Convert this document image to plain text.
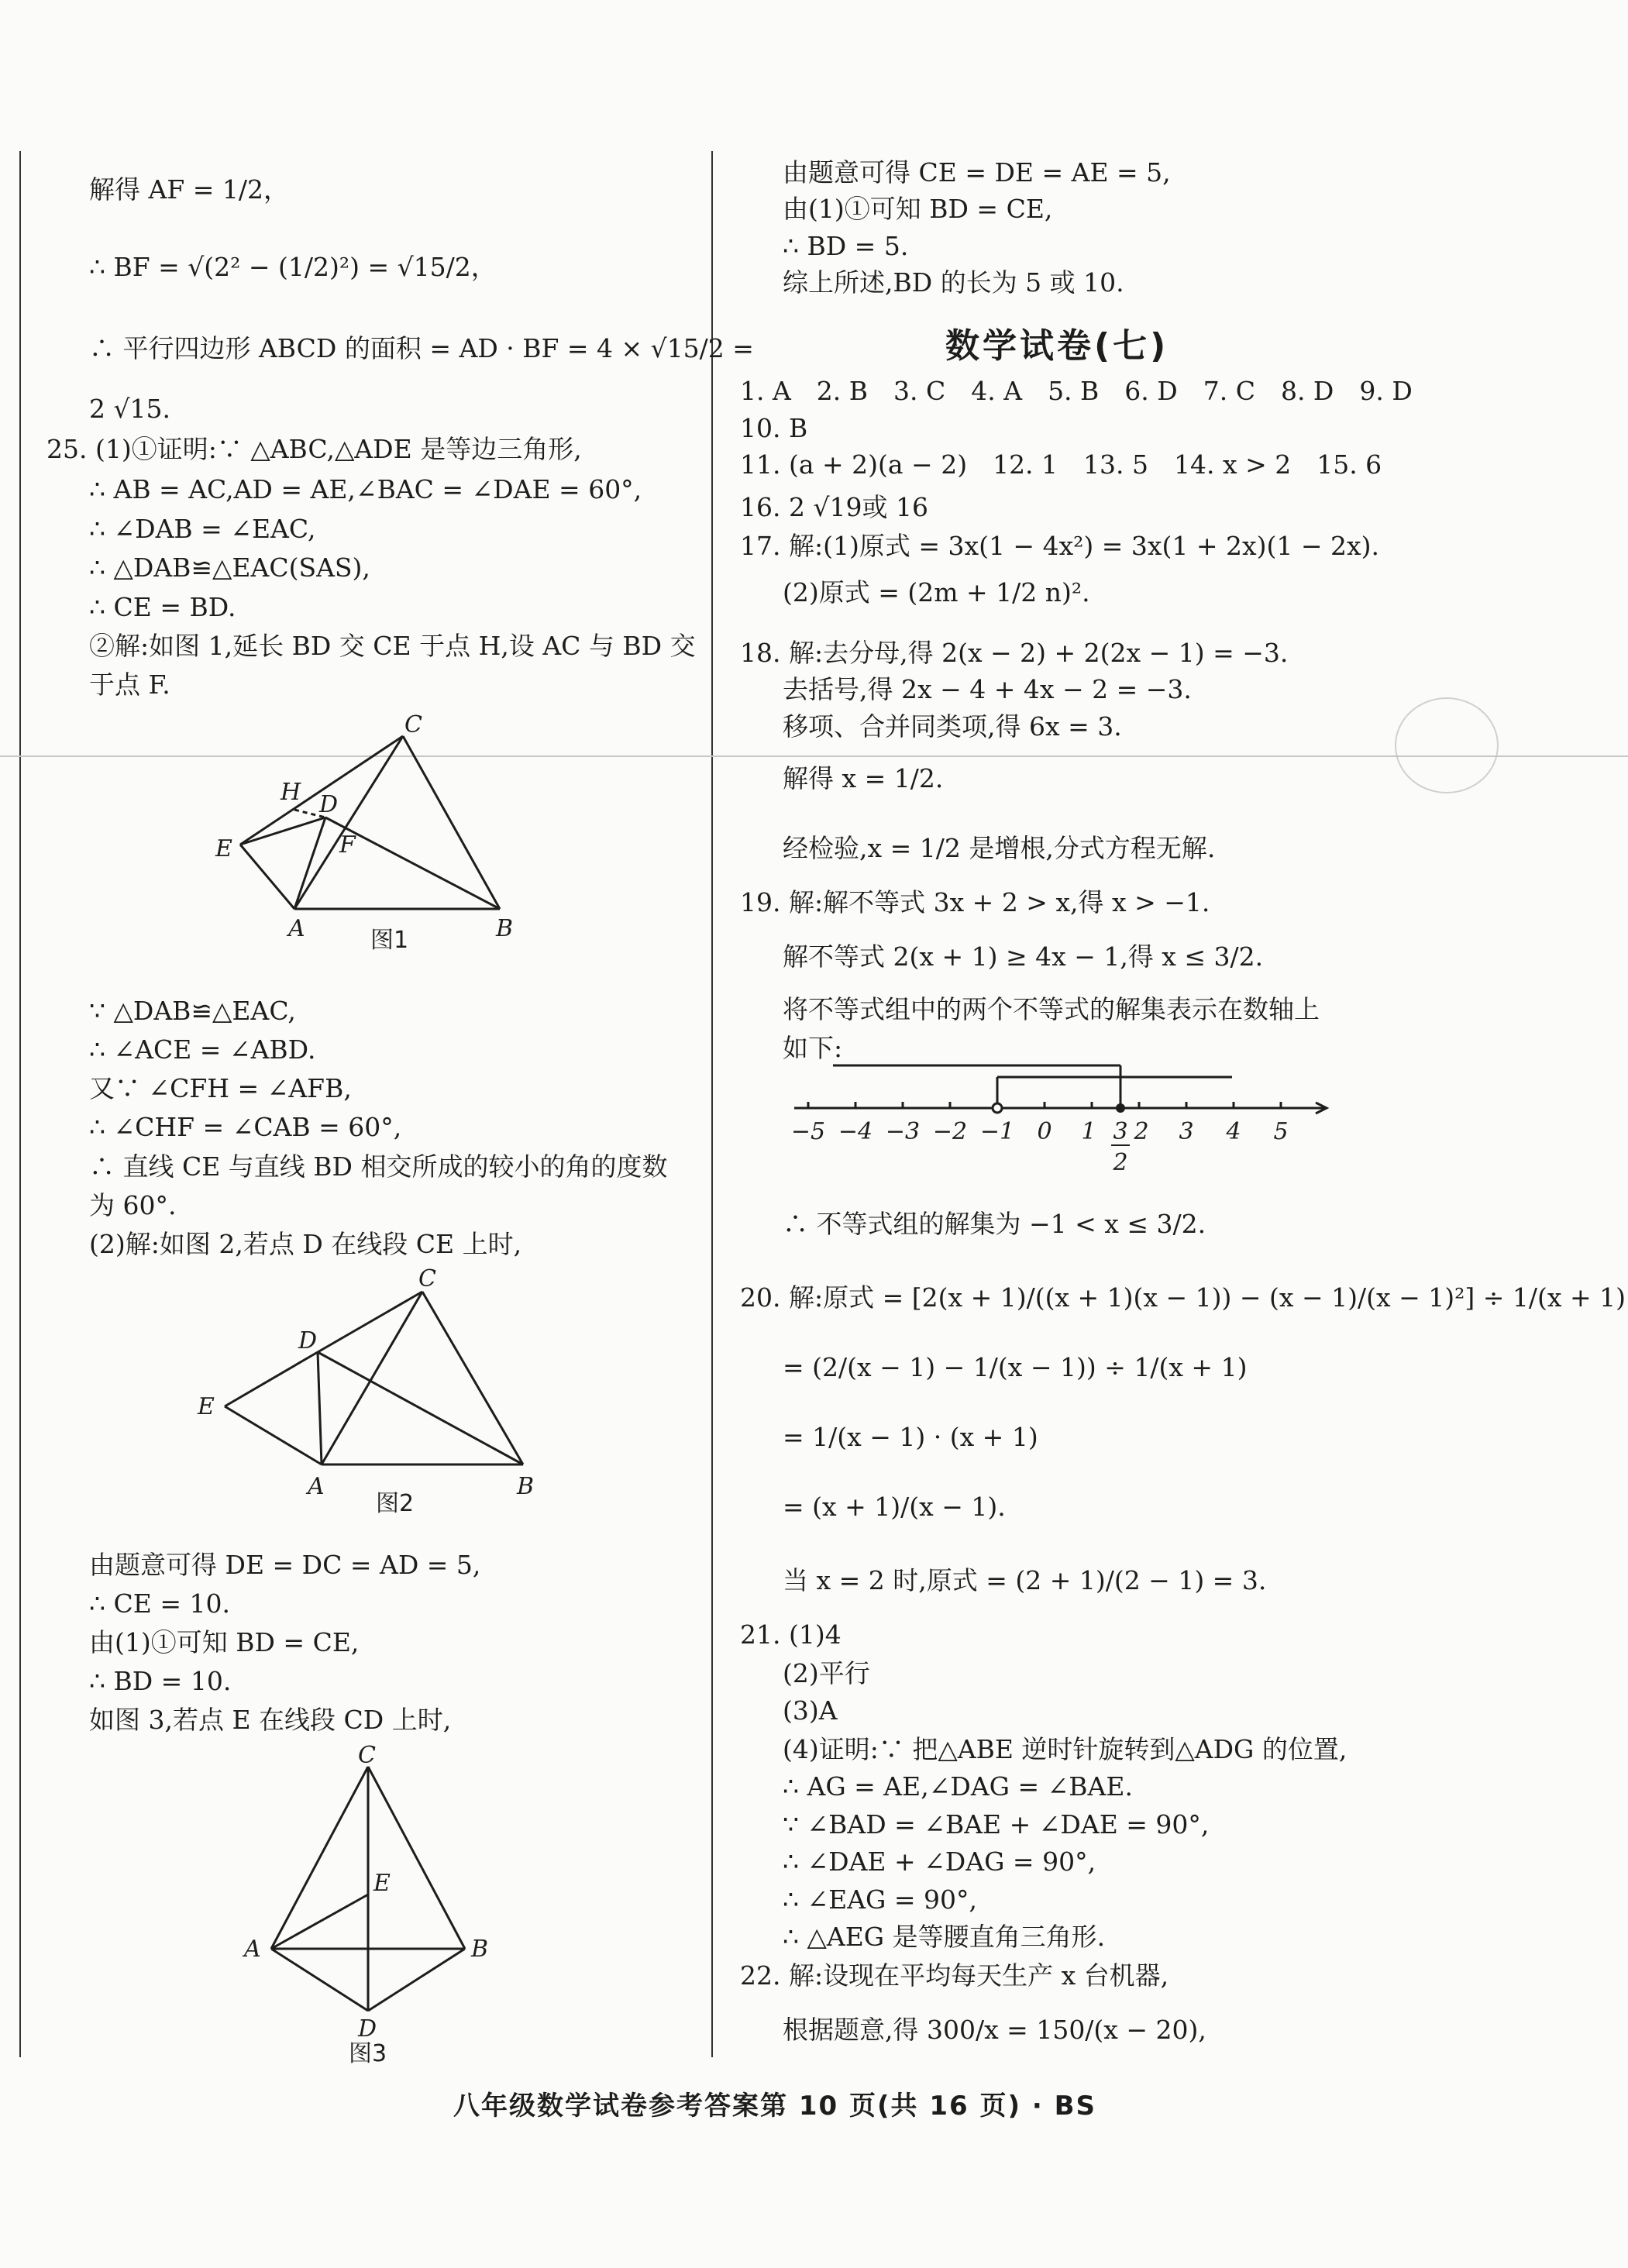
解得 AF = 1/2，
∴ BF = √(2² − (1/2)²) = √15/2，
∴ 平行四边形 ABCD 的面积 = AD · BF = 4 × √15/2 =
2 √15.
25. (1)①证明:∵ △ABC,△ADE 是等边三角形,
∴ AB = AC,AD = AE,∠BAC = ∠DAE = 60°,
∴ ∠DAB = ∠EAC,
∴ △DAB≌△EAC(SAS),
∴ CE = BD.
②解:如图 1,延长 BD 交 CE 于点 H,设 AC 与 BD 交
于点 F.
C
H D
E	F
A	B
图1
∵ △DAB≌△EAC,
∴ ∠ACE = ∠ABD.
又∵ ∠CFH = ∠AFB,
∴ ∠CHF = ∠CAB = 60°,
∴ 直线 CE 与直线 BD 相交所成的较小的角的度数
为 60°.
(2)解:如图 2,若点 D 在线段 CE 上时,
C
D
E
A	B
图2
由题意可得 DE = DC = AD = 5,
∴ CE = 10.
由(1)①可知 BD = CE,
∴ BD = 10.
如图 3,若点 E 在线段 CD 上时,
C
E
A	B
D
图3
由题意可得 CE = DE = AE = 5,
由(1)①可知 BD = CE,
∴ BD = 5.
综上所述,BD 的长为 5 或 10.
数学试卷(七)
1. A　2. B　3. C　4. A　5. B　6. D　7. C　8. D　9. D
10. B
11. (a + 2)(a − 2)　12. 1　13. 5　14. x > 2　15. 6
16. 2 √19或 16
17. 解:(1)原式 = 3x(1 − 4x²) = 3x(1 + 2x)(1 − 2x).
(2)原式 = (2m + 1/2 n)².
18. 解:去分母,得 2(x − 2) + 2(2x − 1) = −3.
去括号,得 2x − 4 + 4x − 2 = −3.
移项、合并同类项,得 6x = 3.
解得 x = 1/2.
经检验,x = 1/2 是增根,分式方程无解.
19. 解:解不等式 3x + 2 > x,得 x > −1.
解不等式 2(x + 1) ≥ 4x − 1,得 x ≤ 3/2.
将不等式组中的两个不等式的解集表示在数轴上
如下:
−5 −4 −3 −2 −1 0 1 2 3 4 5
3
2
∴ 不等式组的解集为 −1 < x ≤ 3/2.
20. 解:原式 = [2(x + 1)/((x + 1)(x − 1)) − (x − 1)/(x − 1)²] ÷ 1/(x + 1)
= (2/(x − 1) − 1/(x − 1)) ÷ 1/(x + 1)
= 1/(x − 1) · (x + 1)
= (x + 1)/(x − 1).
当 x = 2 时,原式 = (2 + 1)/(2 − 1) = 3.
21. (1)4
(2)平行
(3)A
(4)证明:∵ 把△ABE 逆时针旋转到△ADG 的位置,
∴ AG = AE,∠DAG = ∠BAE.
∵ ∠BAD = ∠BAE + ∠DAE = 90°,
∴ ∠DAE + ∠DAG = 90°,
∴ ∠EAG = 90°,
∴ △AEG 是等腰直角三角形.
22. 解:设现在平均每天生产 x 台机器,
根据题意,得 300/x = 150/(x − 20),
八年级数学试卷参考答案第 10 页(共 16 页) · BS
